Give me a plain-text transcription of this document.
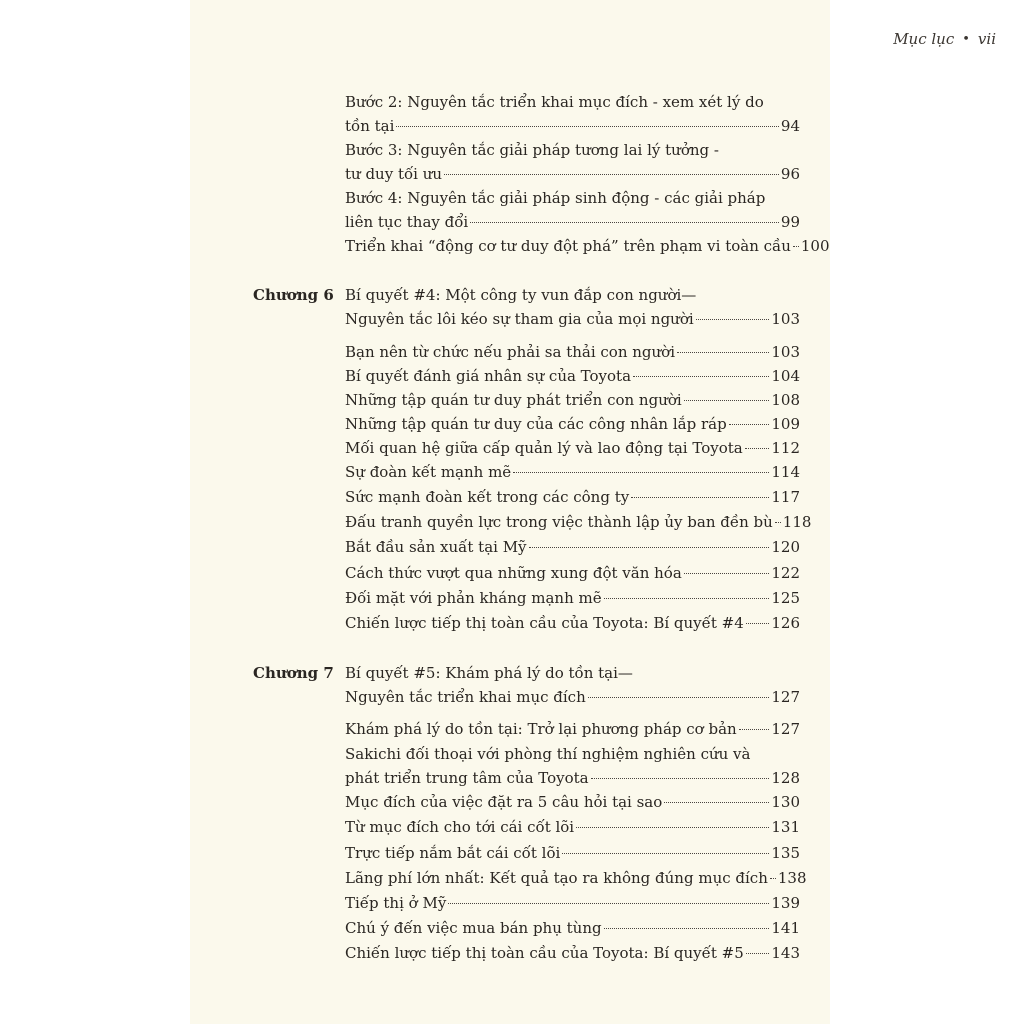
Mục lục • vii
Bước 2: Nguyên tắc triển khai mục đích - xem xét lý do
tồn tại	94
Bước 3: Nguyên tắc giải pháp tương lai lý tưởng -
tư duy tối ưu	96
Bước 4: Nguyên tắc giải pháp sinh động - các giải pháp
liên tục thay đổi	99
Triển khai “động cơ tư duy đột phá” trên phạm vi toàn cầu 100
Chương 6 Bí quyết #4: Một công ty vun đắp con người—
Nguyên tắc lôi kéo sự tham gia của mọi người	103
Bạn nên từ chức nếu phải sa thải con người	103
Bí quyết đánh giá nhân sự của Toyota	104
Những tập quán tư duy phát triển con người	108
Những tập quán tư duy của các công nhân lắp ráp	109
Mối quan hệ giữa cấp quản lý và lao động tại Toyota 112
Sự đoàn kết mạnh mẽ	114
Sức mạnh đoàn kết trong các công ty	117
Đấu tranh quyền lực trong việc thành lập ủy ban đền bù 118
Bắt đầu sản xuất tại Mỹ	120
Cách thức vượt qua những xung đột văn hóa	122
Đối mặt với phản kháng mạnh mẽ	125
Chiến lược tiếp thị toàn cầu của Toyota: Bí quyết #4 126
Chương 7 Bí quyết #5: Khám phá lý do tồn tại—
Nguyên tắc triển khai mục đích	127
Khám phá lý do tồn tại: Trở lại phương pháp cơ bản 127
Sakichi đối thoại với phòng thí nghiệm nghiên cứu và
phát triển trung tâm của Toyota	128
Mục đích của việc đặt ra 5 câu hỏi tại sao	130
Từ mục đích cho tới cái cốt lõi	131
Trực tiếp nắm bắt cái cốt lõi	135
Lãng phí lớn nhất: Kết quả tạo ra không đúng mục đích 138
Tiếp thị ở Mỹ	139
Chú ý đến việc mua bán phụ tùng	141
Chiến lược tiếp thị toàn cầu của Toyota: Bí quyết #5 143
